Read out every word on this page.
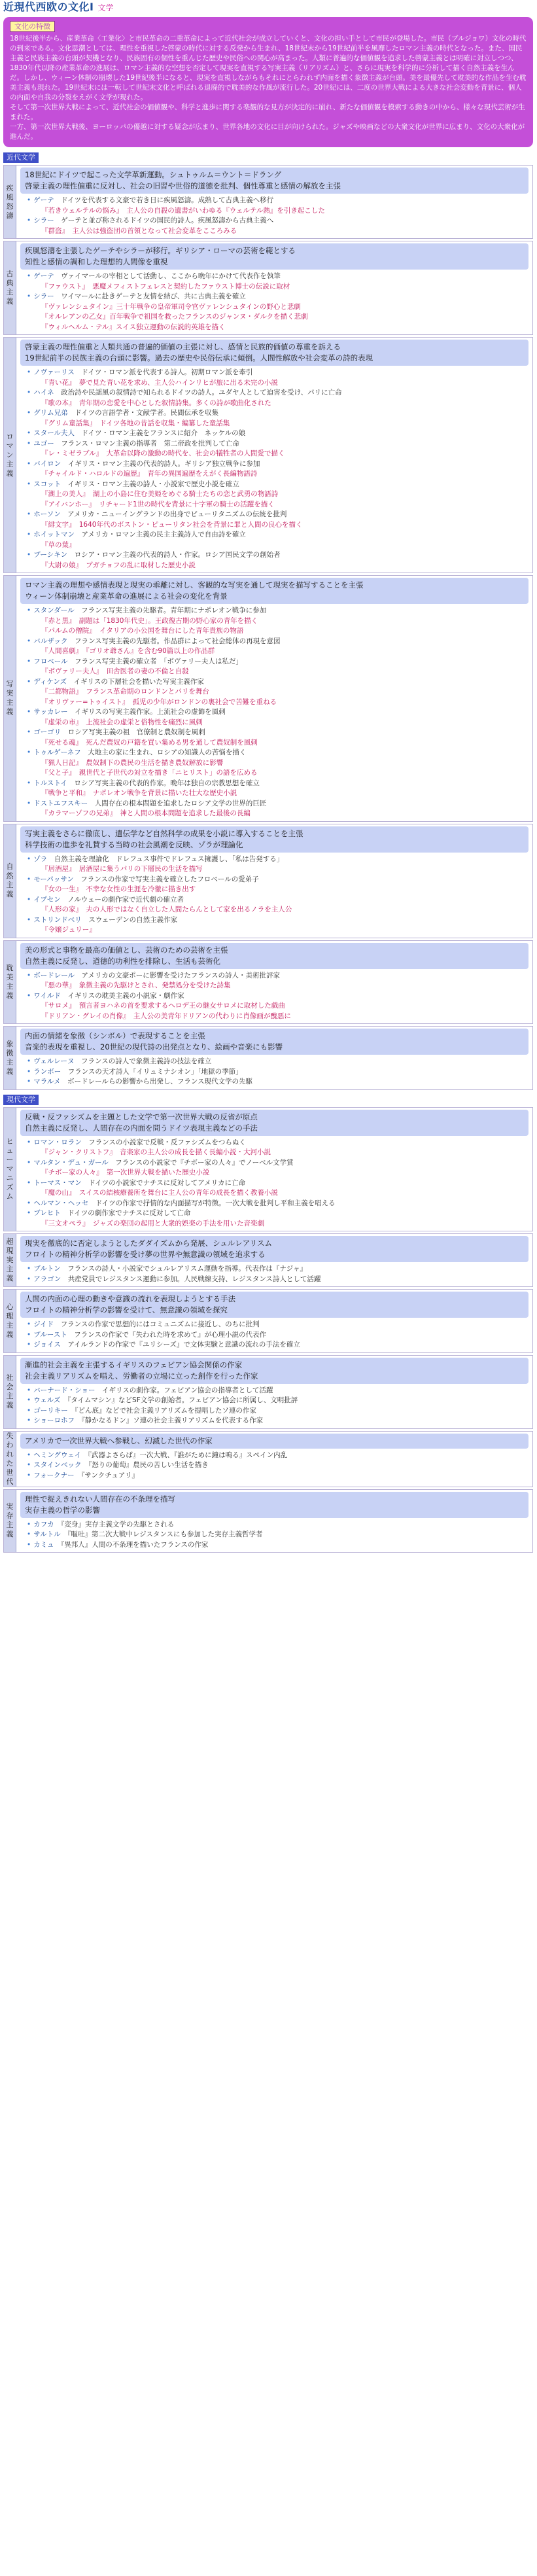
近現代西欧の文化Ⅰ 文学
文化の特徴

18世紀後半から、産業革命〈工業化〉と市民革命の二重革命によって近代社会が成立していくと、文化の担い手として市民が登場した。市民（ブルジョワ）文化の時代の到来である。文化思潮としては、理性を重視した啓蒙の時代に対する反発から生まれ、18世紀末から19世紀前半を風靡したロマン主義の時代となった。また、国民主義と民族主義の台頭が契機となり、民族固有の個性を重んじた歴史や民俗への関心が高まった。人類に普遍的な価値観を追求した啓蒙主義とは明確に対立しつつ、1830年代以降の産業革命の進展は、ロマン主義的な空想を否定して現実を直視する写実主義（リアリズム）と、さらに現実を科学的に分析して描く自然主義を生んだ。しかし、ウィーン体制の崩壊した19世紀後半になると、現実を直視しながらもそれにとらわれず内面を描く象徴主義が台頭。美を最優先して耽美的な作品を生む耽美主義も現れた。19世紀末には一転して世紀末文化と呼ばれる退廃的で耽美的な作風が流行した。20世紀には、二度の世界大戦による大きな社会変動を背景に、個人の内面や自我の分裂をえがく文学が現れた。

そして第一次世界大戦によって、近代社会の価値観や、科学と進歩に関する楽観的な見方が決定的に崩れ、新たな価値観を模索する動きの中から、様々な現代芸術が生まれた。

一方、第一次世界大戦後、ヨーロッパの優越に対する疑念が広まり、世界各地の文化に目が向けられた。ジャズや映画などの大衆文化が世界に広まり、文化の大衆化が進んだ。

近代文学
疾風怒濤

18世紀にドイツで起こった文学革新運動。シュトゥルム＝ウント＝ドラング

啓蒙主義の理性偏重に反対し、社会の旧習や世俗的道徳を批判、個性尊重と感情の解放を主張

• ゲーテ　 ドイツを代表する文豪で若き日に疾風怒濤。成熟して古典主義へ移行
『若きウェルテルの悩み』　主人公の自殺の遺書がいわゆる『ウェルテル熱』を引き起こした
• シラー　 ゲーテと並び称されるドイツの国民的詩人。疾風怒濤から古典主義へ
『群盗』　主人公は強盗団の首領となって社会変革をこころみる
古典主義

疾風怒濤を主張したゲーテやシラーが移行。ギリシア・ローマの芸術を範とする

知性と感情の調和した理想的人間像を重視

• ゲーテ　 ヴァイマールの宰相として活動し、ここから晩年にかけて代表作を執筆
『ファウスト』　悪魔メフィストフェレスと契約したファウスト博士の伝説に取材
• シラー　 ワイマールに赴きゲーテと友情を結び、共に古典主義を確立
『ヴァレンシュタイン』三十年戦争の皇帝軍司令官ヴァレンシュタインの野心と悲劇
『オルレアンの乙女』百年戦争で祖国を救ったフランスのジャンヌ・ダルクを描く悲劇
『ウィルヘルム・テル』スイス独立運動の伝説的英雄を描く
ロマン主義

啓蒙主義の理性偏重と人類共通の普遍的価値の主張に対し、感情と民族的価値の尊重を訴える

19世紀前半の民族主義の台頭に影響。過去の歴史や民俗伝承に傾倒。人間性解放や社会変革の詩的表現

• ノヴァーリス　 ドイツ・ロマン派を代表する詩人。初期ロマン派を牽引
『青い花』　夢で見た青い花を求め、主人公ハインリヒが旅に出る未完の小説
• ハイネ　 政治詩や民謡風の叙情詩で知られるドイツの詩人。ユダヤ人として迫害を受け、パリに亡命
『歌の本』　青年期の恋愛を中心とした叙情詩集。多くの詩が歌曲化された
• グリム兄弟　 ドイツの言語学者・文献学者。民間伝承を収集
『グリム童話集』　ドイツ各地の昔話を収集・編纂した童話集
• スタール夫人　 ドイツ・ロマン主義をフランスに紹介　ネッケルの娘
• ユゴー　 フランス・ロマン主義の指導者　第二帝政を批判して亡命
『レ・ミゼラブル』　大革命以降の激動の時代を、社会の犠牲者の人間愛で描く
• バイロン　 イギリス・ロマン主義の代表的詩人。ギリシア独立戦争に参加
『チャイルド・ハロルドの遍歴』　青年の異国遍歴をえがく長編物語詩
• スコット　 イギリス・ロマン主義の詩人・小説家で歴史小説を確立
『湖上の美人』　湖上の小島に住む美姫をめぐる騎士たちの恋と武勇の物語詩
『アイバンホー』　リチャード1世の時代を背景に十字軍の騎士の活躍を描く
• ホーソン　 アメリカ・ニューイングランドの出身でピューリタニズムの伝統を批判
『緋文字』　1640年代のボストン・ピューリタン社会を背景に罪と人間の良心を描く
• ホイットマン　 アメリカ・ロマン主義の民主主義詩人で自由詩を確立
『草の葉』
• プーシキン　 ロシア・ロマン主義の代表的詩人・作家。ロシア国民文学の創始者
『大尉の娘』　プガチョフの乱に取材した歴史小説
写実主義

ロマン主義の理想や感情表現と現実の乖離に対し、客観的な写実を通して現実を描写することを主張

ウィーン体制崩壊と産業革命の進展による社会の変化を背景

• スタンダール　 フランス写実主義の先駆者。青年期にナポレオン戦争に参加
『赤と黒』　副題は「1830年代史」。王政復古期の野心家の青年を描く
『パルムの僧院』　イタリアの小公国を舞台にした青年貴族の物語
• バルザック　 フランス写実主義の先駆者。作品群によって社会総体の再現を意図
『人間喜劇』　『ゴリオ爺さん』を含む90篇以上の作品群
• フロベール　 フランス写実主義の確立者　「ボヴァリー夫人は私だ」
『ボヴァリー夫人』　田舎医者の妻の不倫と自殺
• ディケンズ　 イギリスの下層社会を描いた写実主義作家
『二都物語』　フランス革命期のロンドンとパリを舞台
『オリヴァー=トゥイスト』　孤児の少年がロンドンの裏社会で苦難を重ねる
• サッカレー　 イギリスの写実主義作家。上流社会の虚飾を風刺
『虚栄の市』　上流社会の虚栄と俗物性を痛烈に風刺
• ゴーゴリ　 ロシア写実主義の祖　官僚制と農奴制を風刺
『死せる魂』　死んだ農奴の戸籍を買い集める男を通して農奴制を風刺
• トゥルゲーネフ　 大地主の家に生まれ、ロシアの知識人の苦悩を描く
『猟人日記』　農奴制下の農民の生活を描き農奴解放に影響
『父と子』　親世代と子世代の対立を描き「ニヒリスト」の語を広める
• トルストイ　 ロシア写実主義の代表的作家。晩年は独自の宗教思想を確立
『戦争と平和』　ナポレオン戦争を背景に描いた壮大な歴史小説
• ドストエフスキー　 人間存在の根本問題を追求したロシア文学の世界的巨匠
『カラマーゾフの兄弟』　神と人間の根本問題を追求した最後の長編
自然主義

写実主義をさらに徹底し、遺伝学など自然科学の成果を小説に導入することを主張

科学技術の進歩を礼賛する当時の社会風潮を反映、ゾラが理論化

• ゾラ　 自然主義を理論化　ドレフュス事件でドレフュス擁護し、「私は告発する」
『居酒屋』　居酒屋に集うパリの下層民の生活を描写
• モーパッサン　 フランスの作家で写実主義を確立したフロベールの愛弟子
『女の一生』　不幸な女性の生涯を冷徹に描き出す
• イプセン　 ノルウェーの劇作家で近代劇の確立者
『人形の家』　夫の人形ではなく自立した人間たらんとして家を出るノラを主人公
• ストリンドベリ　 スウェーデンの自然主義作家
『令嬢ジュリー』
耽美主義

美の形式と事物を最高の価値とし、芸術のための芸術を主張

自然主義に反発し、道徳的功利性を排除し、生活も芸術化

• ボードレール　 アメリカの文豪ポーに影響を受けたフランスの詩人・美術批評家
『悪の華』　象徴主義の先駆けとされ、発禁処分を受けた詩集
• ワイルド　 イギリスの耽美主義の小説家・劇作家
『サロメ』　預言者ヨハネの首を要求するヘロデ王の継女サロメに取材した戯曲
『ドリアン・グレイの肖像』　主人公の美青年ドリアンの代わりに肖像画が醜悪に
象徴主義

内面の情緒を象徴（シンボル）で表現することを主張

音楽的表現を重視し、20世紀の現代詩の出発点となり、絵画や音楽にも影響

• ヴェルレーヌ　 フランスの詩人で象徴主義詩の技法を確立
• ランボー　 フランスの天才詩人「イリュミナシオン」「地獄の季節」
• マラルメ　 ボードレールらの影響から出発し、フランス現代文学の先駆
現代文学
ヒューマニズム

反戦・反ファシズムを主題とした文学で第一次世界大戦の反省が原点

自然主義に反発し、人間存在の内面を問うドイツ表現主義などの手法

• ロマン・ロラン　 フランスの小説家で反戦・反ファシズムをつらぬく
『ジャン・クリストフ』　音楽家の主人公の成長を描く長編小説・大河小説
• マルタン・デュ・ガール　 フランスの小説家で『チボー家の人々』でノーベル文学賞
『チボー家の人々』　第一次世界大戦を描いた歴史小説
• トーマス・マン　 ドイツの小説家でナチスに反対してアメリカに亡命
『魔の山』　スイスの結核療養所を舞台に主人公の青年の成長を描く教養小説
• ヘルマン・ヘッセ　 ドイツの作家で抒情的な内面描写が特徴。一次大戦を批判し平和主義を唱える
• ブレヒト　 ドイツの劇作家でナチスに反対して亡命
『三文オペラ』　ジャズの楽団の起用と大衆的娯楽の手法を用いた音楽劇
超現実主義

現実を徹底的に否定しようとしたダダイズムから発展、シュルレアリスム

フロイトの精神分析学の影響を受け夢の世界や無意識の領域を追求する

• ブルトン　 フランスの詩人・小説家でシュルレアリスム運動を指導。代表作は『ナジャ』
• アラゴン　 共産党員でレジスタンス運動に参加。人民戦線支持、レジスタンス詩人として活躍
心理主義

人間の内面の心理の動きや意識の流れを表現しようとする手法

フロイトの精神分析学の影響を受けて、無意識の領域を探究

• ジイド　 フランスの作家で思想的にはコミュニズムに接近し、のちに批判
• プルースト　 フランスの作家で『失われた時を求めて』が心理小説の代表作
• ジョイス　 アイルランドの作家で『ユリシーズ』で文体実験と意識の流れの手法を確立
社会主義

漸進的社会主義を主張するイギリスのフェビアン協会関係の作家

社会主義リアリズムを唱え、労働者の立場に立った創作を行った作家

• バーナード・ショー　 イギリスの劇作家。フェビアン協会の指導者として活躍
• ウェルズ　 『タイムマシン』などSF文学の創始者。フェビアン協会に所属し、文明批評
• ゴーリキー　 『どん底』などで社会主義リアリズムを提唱したソ連の作家
• ショーロホフ　 『静かなるドン』ソ連の社会主義リアリズムを代表する作家
失われた世代

アメリカで一次世界大戦へ参戦し、幻滅した世代の作家

• ヘミングウェイ　 『武器よさらば』一次大戦、『誰がために鐘は鳴る』スペイン内乱
• スタインベック　 『怒りの葡萄』農民の苦しい生活を描き
• フォークナー　 『サンクチュアリ』
実存主義

理性で捉えきれない人間存在の不条理を描写

実存主義の哲学の影響

• カフカ　 『変身』実存主義文学の先駆とされる
• サルトル　 『嘔吐』第二次大戦中レジスタンスにも参加した実存主義哲学者
• カミュ　 『異邦人』人間の不条理を描いたフランスの作家
